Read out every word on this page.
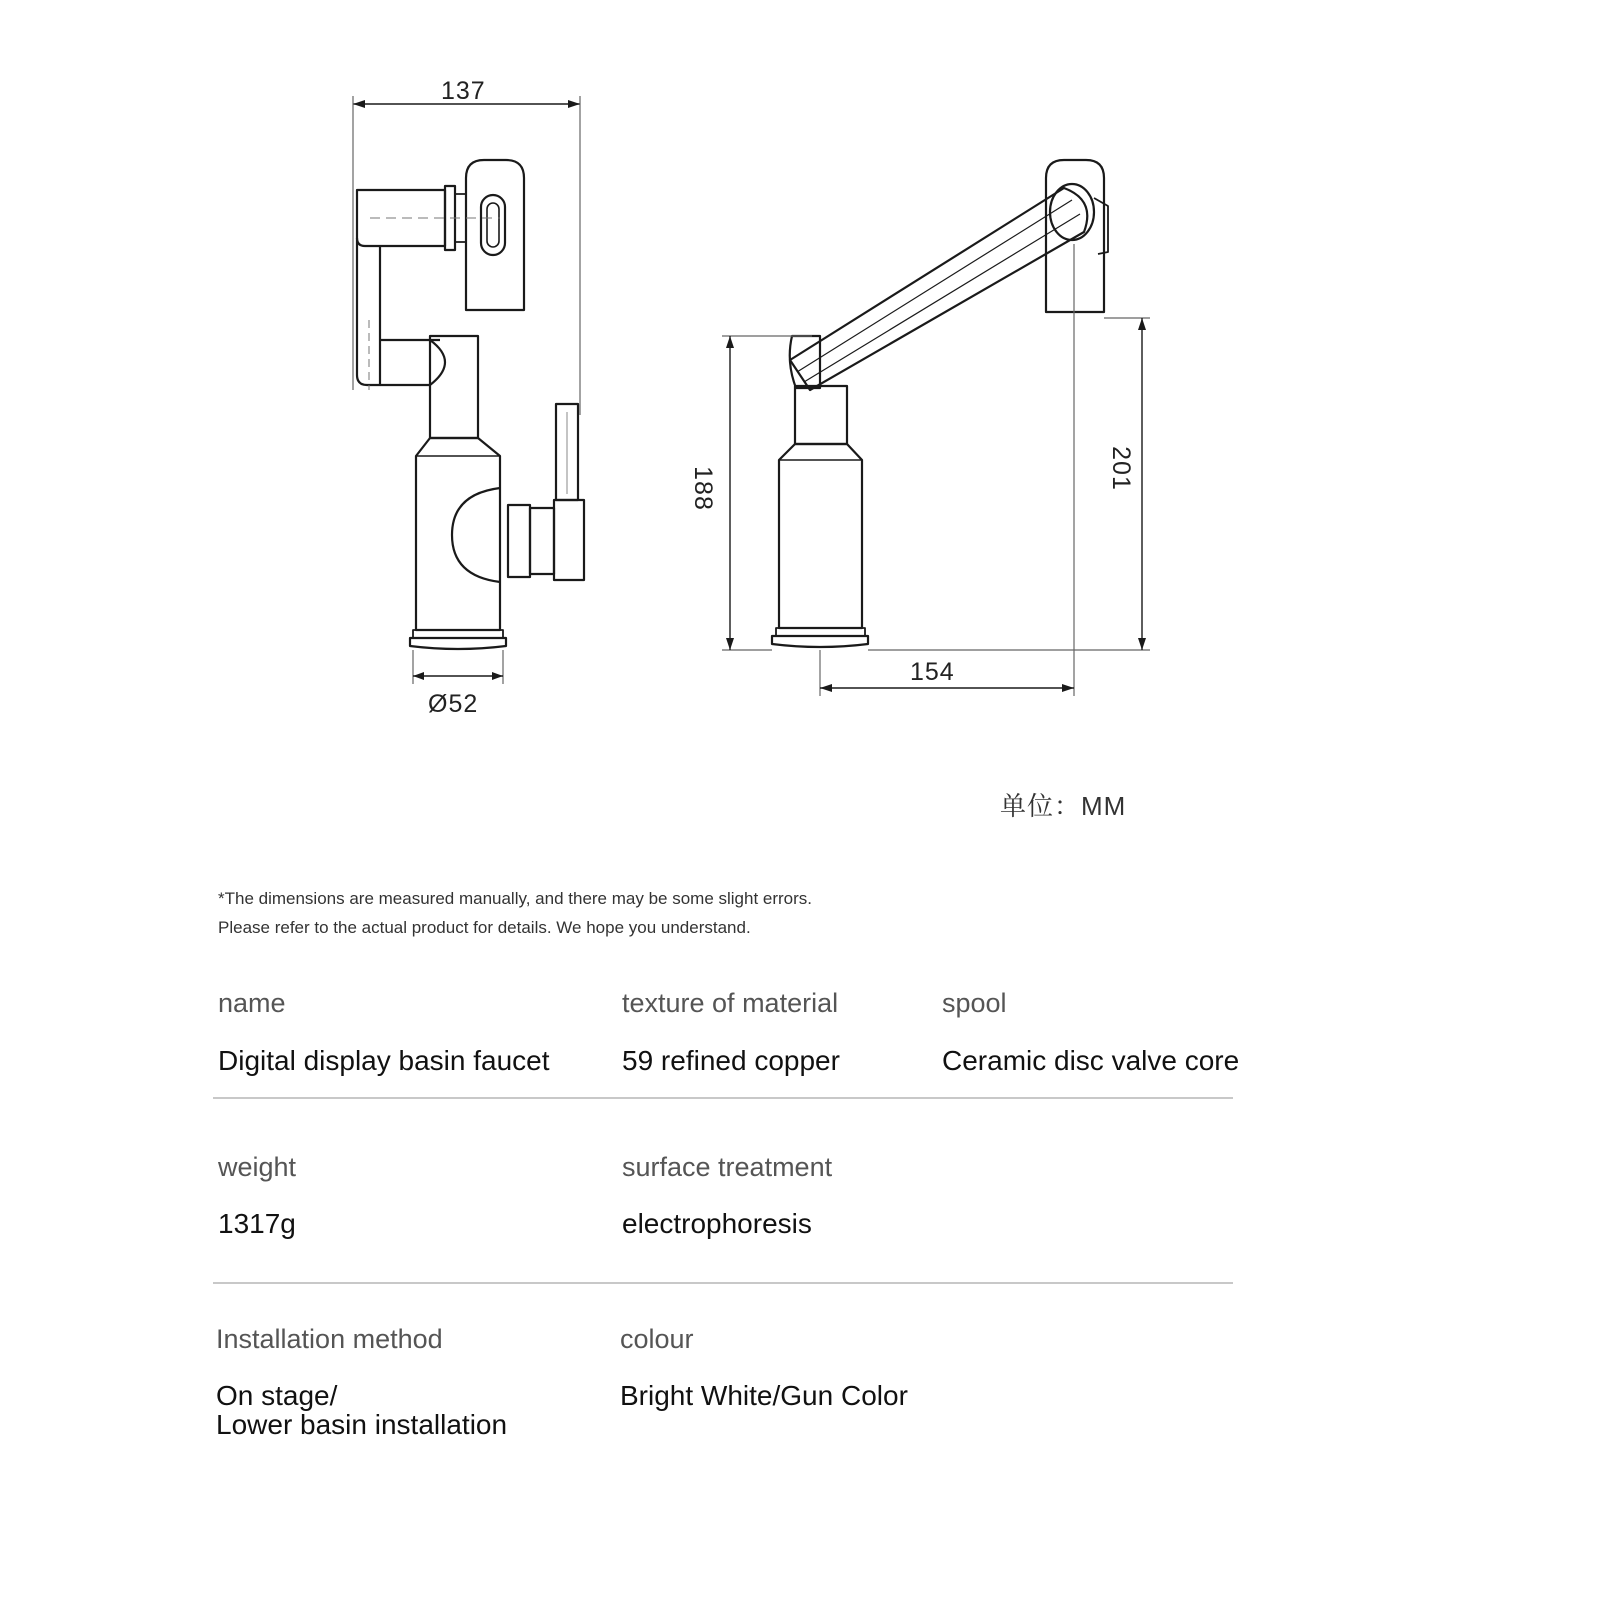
137
Ø52
188	201
154
单位：MM
*The dimensions are measured manually, and there may be some slight errors.
Please refer to the actual product for details. We hope you understand.
name
Digital display basin faucet
texture of material
59 refined copper
spool
Ceramic disc valve core
weight
1317g
surface treatment
electrophoresis
Installation method
On stage/
Lower basin installation
colour
Bright White/Gun Color
